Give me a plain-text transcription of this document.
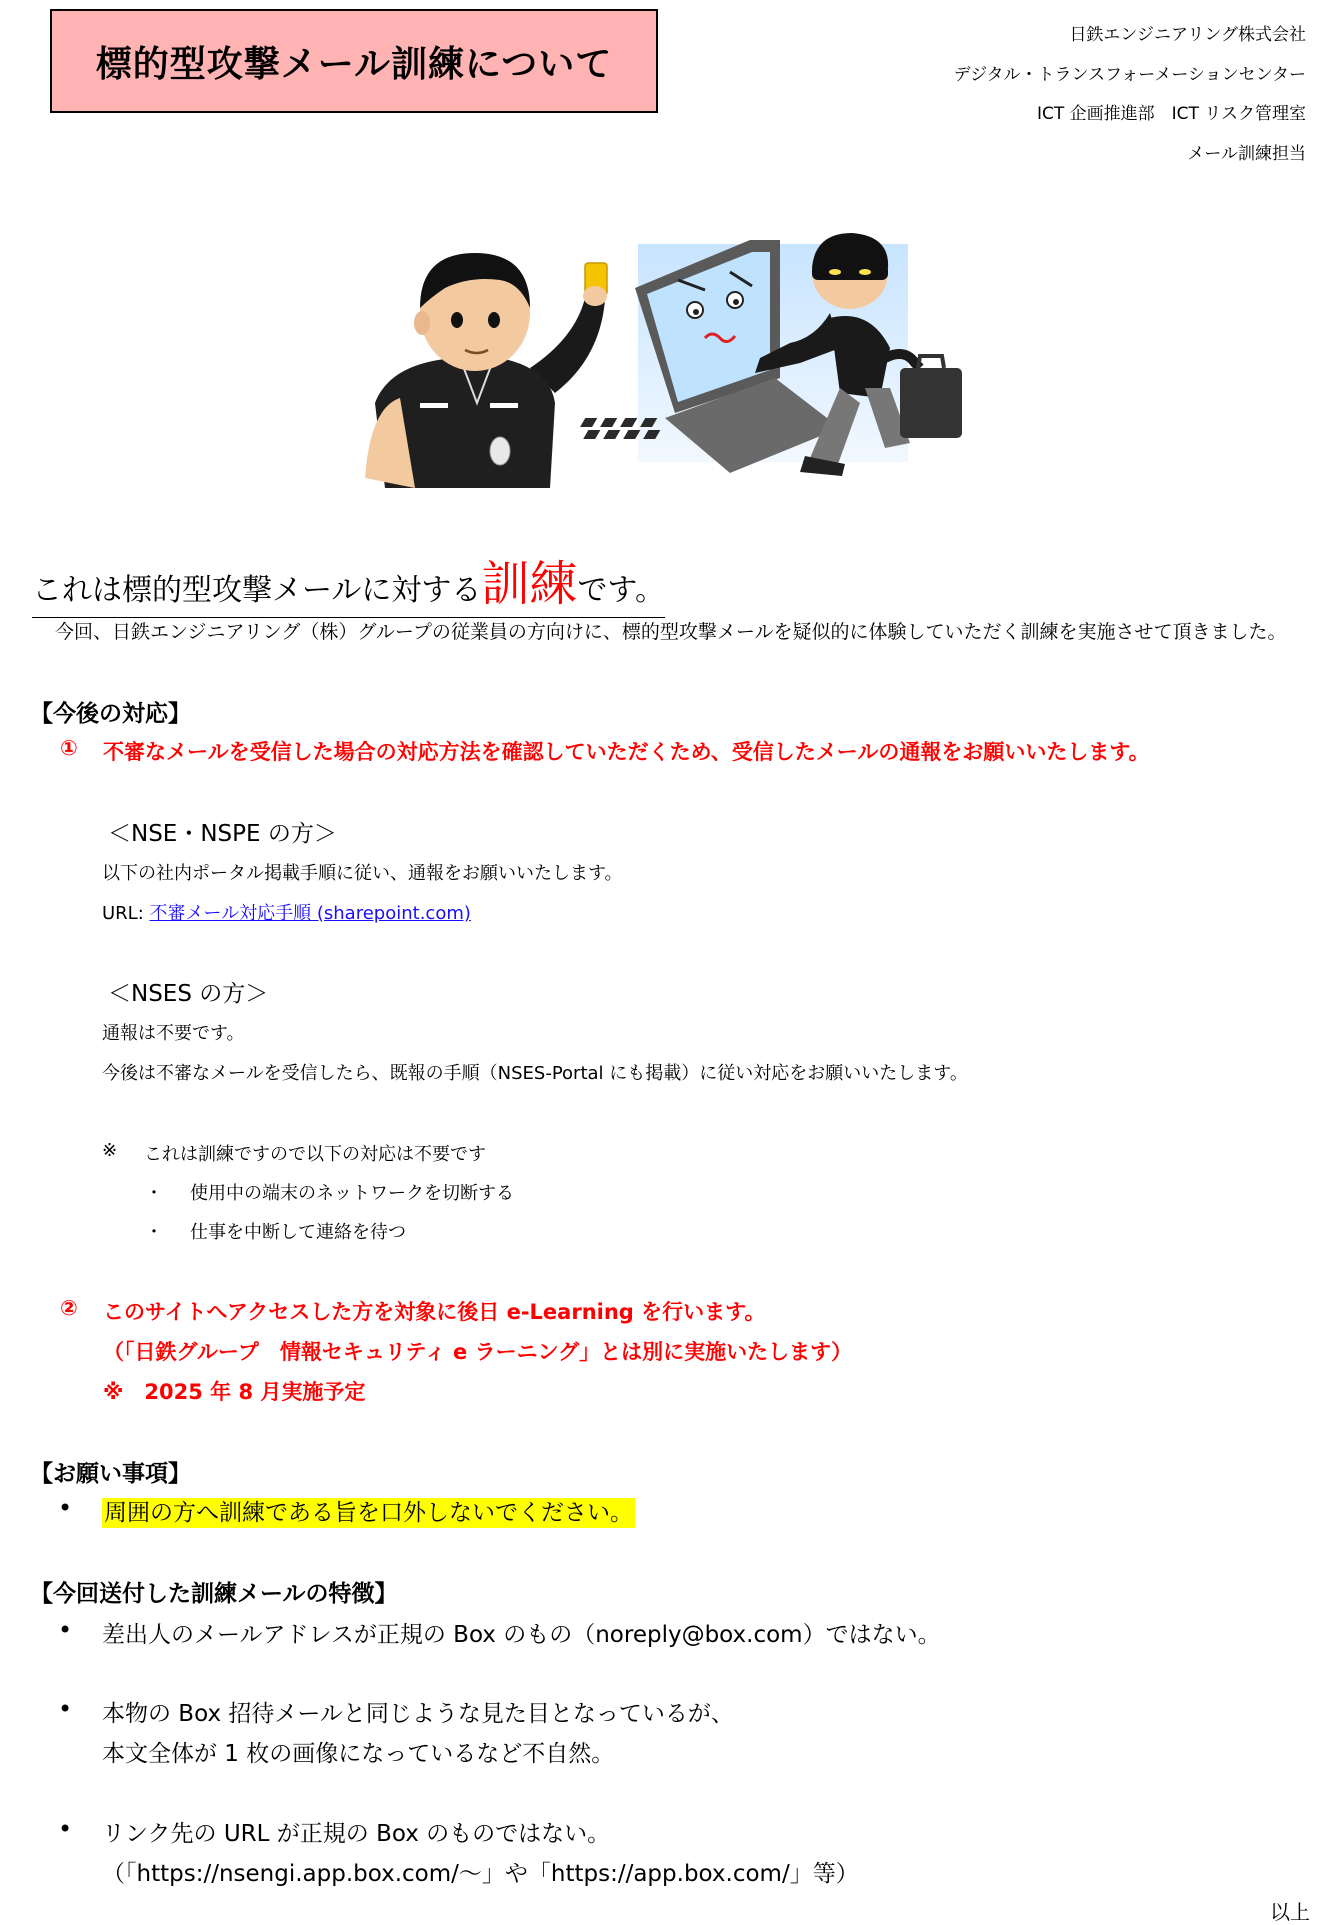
標的型攻撃メール訓練について
日鉄エンジニアリング株式会社
デジタル・トランスフォーメーションセンター
ICT 企画推進部　ICT リスク管理室
メール訓練担当
これは標的型攻撃メールに対する訓練です。
今回、日鉄エンジニアリング（株）グループの従業員の方向けに、標的型攻撃メールを疑似的に体験していただく訓練を実施させて頂きました。
【今後の対応】
① 不審なメールを受信した場合の対応方法を確認していただくため、受信したメールの通報をお願いいたします。
＜NSE・NSPE の方＞
以下の社内ポータル掲載手順に従い、通報をお願いいたします。
URL: 不審メール対応手順 (sharepoint.com)
＜NSES の方＞
通報は不要です。
今後は不審なメールを受信したら、既報の手順（NSES-Portal にも掲載）に従い対応をお願いいたします。
※ これは訓練ですので以下の対応は不要です
・ 使用中の端末のネットワークを切断する
・ 仕事を中断して連絡を待つ
② このサイトへアクセスした方を対象に後日 e-Learning を行います。
（「日鉄グループ　情報セキュリティ e ラーニング」とは別に実施いたします）
※　2025 年 8 月実施予定
【お願い事項】
• 周囲の方へ訓練である旨を口外しないでください。
【今回送付した訓練メールの特徴】
• 差出人のメールアドレスが正規の Box のもの（noreply@box.com）ではない。
• 本物の Box 招待メールと同じような見た目となっているが、
本文全体が 1 枚の画像になっているなど不自然。
• リンク先の URL が正規の Box のものではない。
（「https://nsengi.app.box.com/～」や「https://app.box.com/」等）
以上
